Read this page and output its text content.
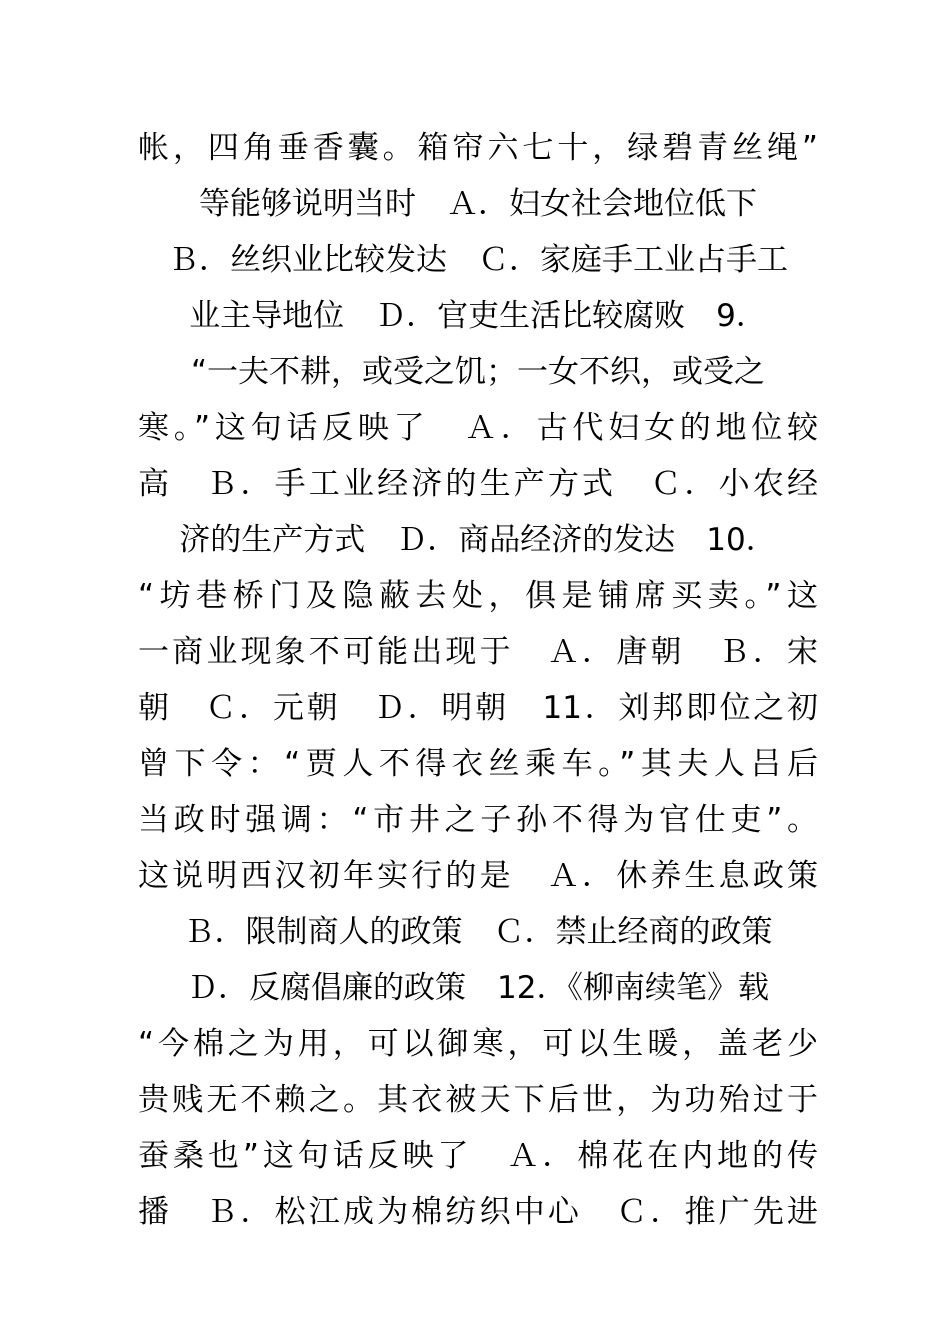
帐，四角垂香囊。箱帘六七十，绿碧青丝绳”
等能够说明当时　Ａ．妇女社会地位低下
Ｂ．丝织业比较发达　Ｃ．家庭手工业占手工
业主导地位　Ｄ．官吏生活比较腐败　9．
“一夫不耕，或受之饥；一女不织，或受之
寒。”这句话反映了　Ａ．古代妇女的地位较
高　Ｂ．手工业经济的生产方式　Ｃ．小农经
济的生产方式　Ｄ．商品经济的发达　10．
“坊巷桥门及隐蔽去处，俱是铺席买卖。”这
一商业现象不可能出现于　Ａ．唐朝　Ｂ．宋
朝　Ｃ．元朝　Ｄ．明朝　11．刘邦即位之初
曾下令：“贾人不得衣丝乘车。”其夫人吕后
当政时强调：“市井之子孙不得为官仕吏”。
这说明西汉初年实行的是　Ａ．休养生息政策
Ｂ．限制商人的政策　Ｃ．禁止经商的政策
Ｄ．反腐倡廉的政策　12．《柳南续笔》载
“今棉之为用，可以御寒，可以生暖，盖老少
贵贱无不赖之。其衣被天下后世，为功殆过于
蚕桑也”这句话反映了　Ａ．棉花在内地的传
播　Ｂ．松江成为棉纺织中心　Ｃ．推广先进
